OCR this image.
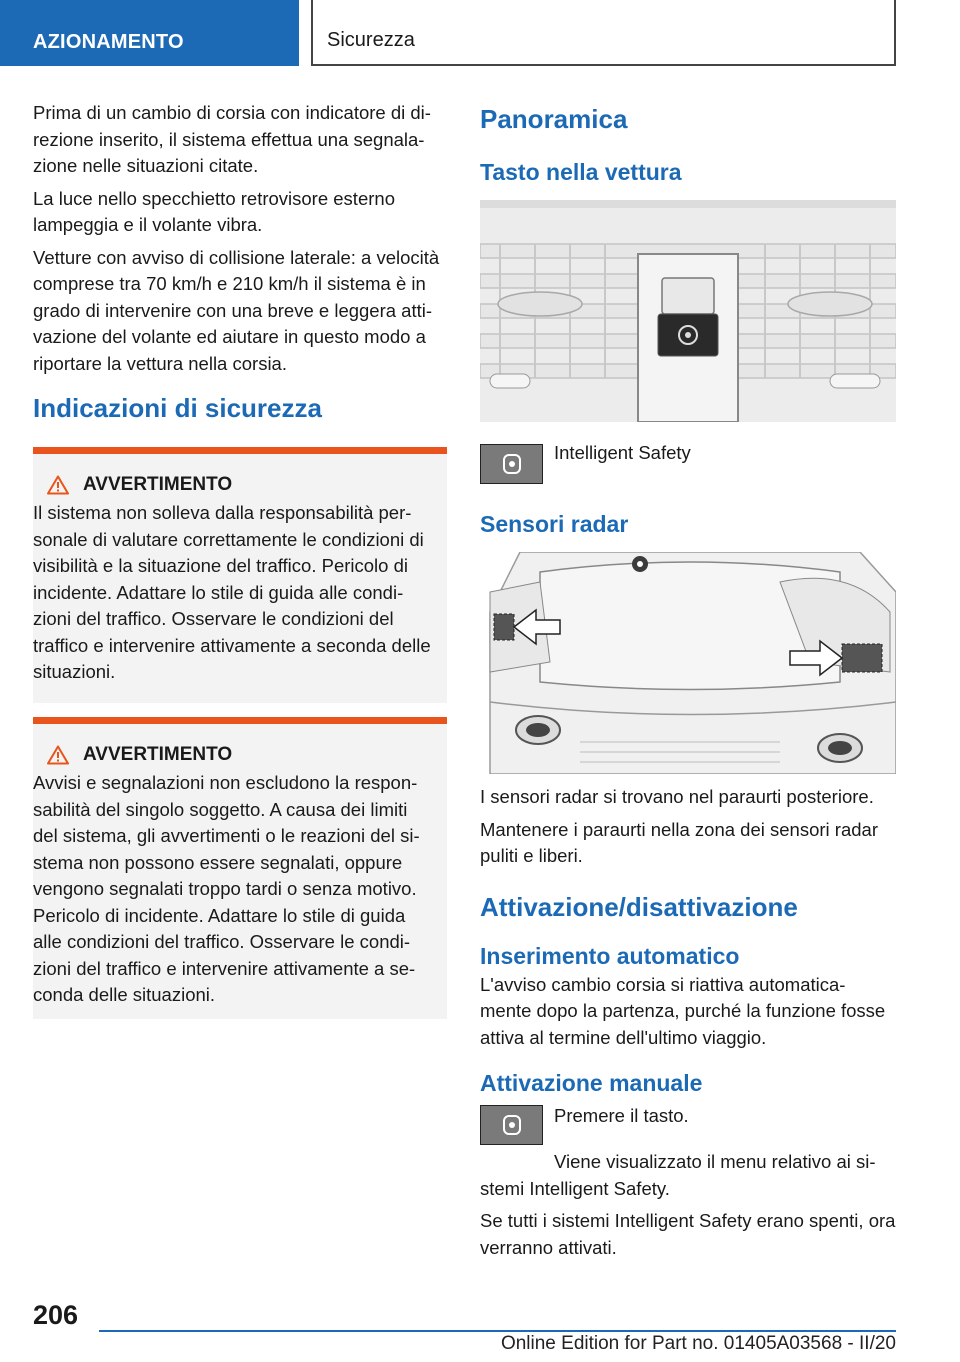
AZIONAMENTO	Sicurezza

Prima di un cambio di corsia con indicatore di di-rezione inserito, il sistema effettua una segnala-zione nelle situazioni citate.

La luce nello specchietto retrovisore esterno lampeggia e il volante vibra.

Vetture con avviso di collisione laterale: a velocità comprese tra 70 km/h e 210 km/h il sistema è in grado di intervenire con una breve e leggera atti-vazione del volante ed aiutare in questo modo a riportare la vettura nella corsia.

Indicazioni di sicurezza
AVVERTIMENTO

Il sistema non solleva dalla responsabilità per-sonale di valutare correttamente le condizioni di visibilità e la situazione del traffico. Pericolo di incidente. Adattare lo stile di guida alle condi-zioni del traffico. Osservare le condizioni del traffico e intervenire attivamente a seconda delle situazioni.

AVVERTIMENTO

Avvisi e segnalazioni non escludono la respon-sabilità del singolo soggetto. A causa dei limiti del sistema, gli avvertimenti o le reazioni del si-stema non possono essere segnalati, oppure vengono segnalati troppo tardi o senza motivo. Pericolo di incidente. Adattare lo stile di guida alle condizioni del traffico. Osservare le condi-zioni del traffico e intervenire attivamente a se-conda delle situazioni.

Panoramica
Tasto nella vettura
Intelligent Safety
Sensori radar

I sensori radar si trovano nel paraurti posteriore.

Mantenere i paraurti nella zona dei sensori radar puliti e liberi.

Attivazione/disattivazione
Inserimento automatico

L'avviso cambio corsia si riattiva automatica-mente dopo la partenza, purché la funzione fosse attiva al termine dell'ultimo viaggio.

Attivazione manuale
Premere il tasto.

Viene visualizzato il menu relativo ai si-stemi Intelligent Safety.

Se tutti i sistemi Intelligent Safety erano spenti, ora verranno attivati.

206
Online Edition for Part no. 01405A03568 - II/20
